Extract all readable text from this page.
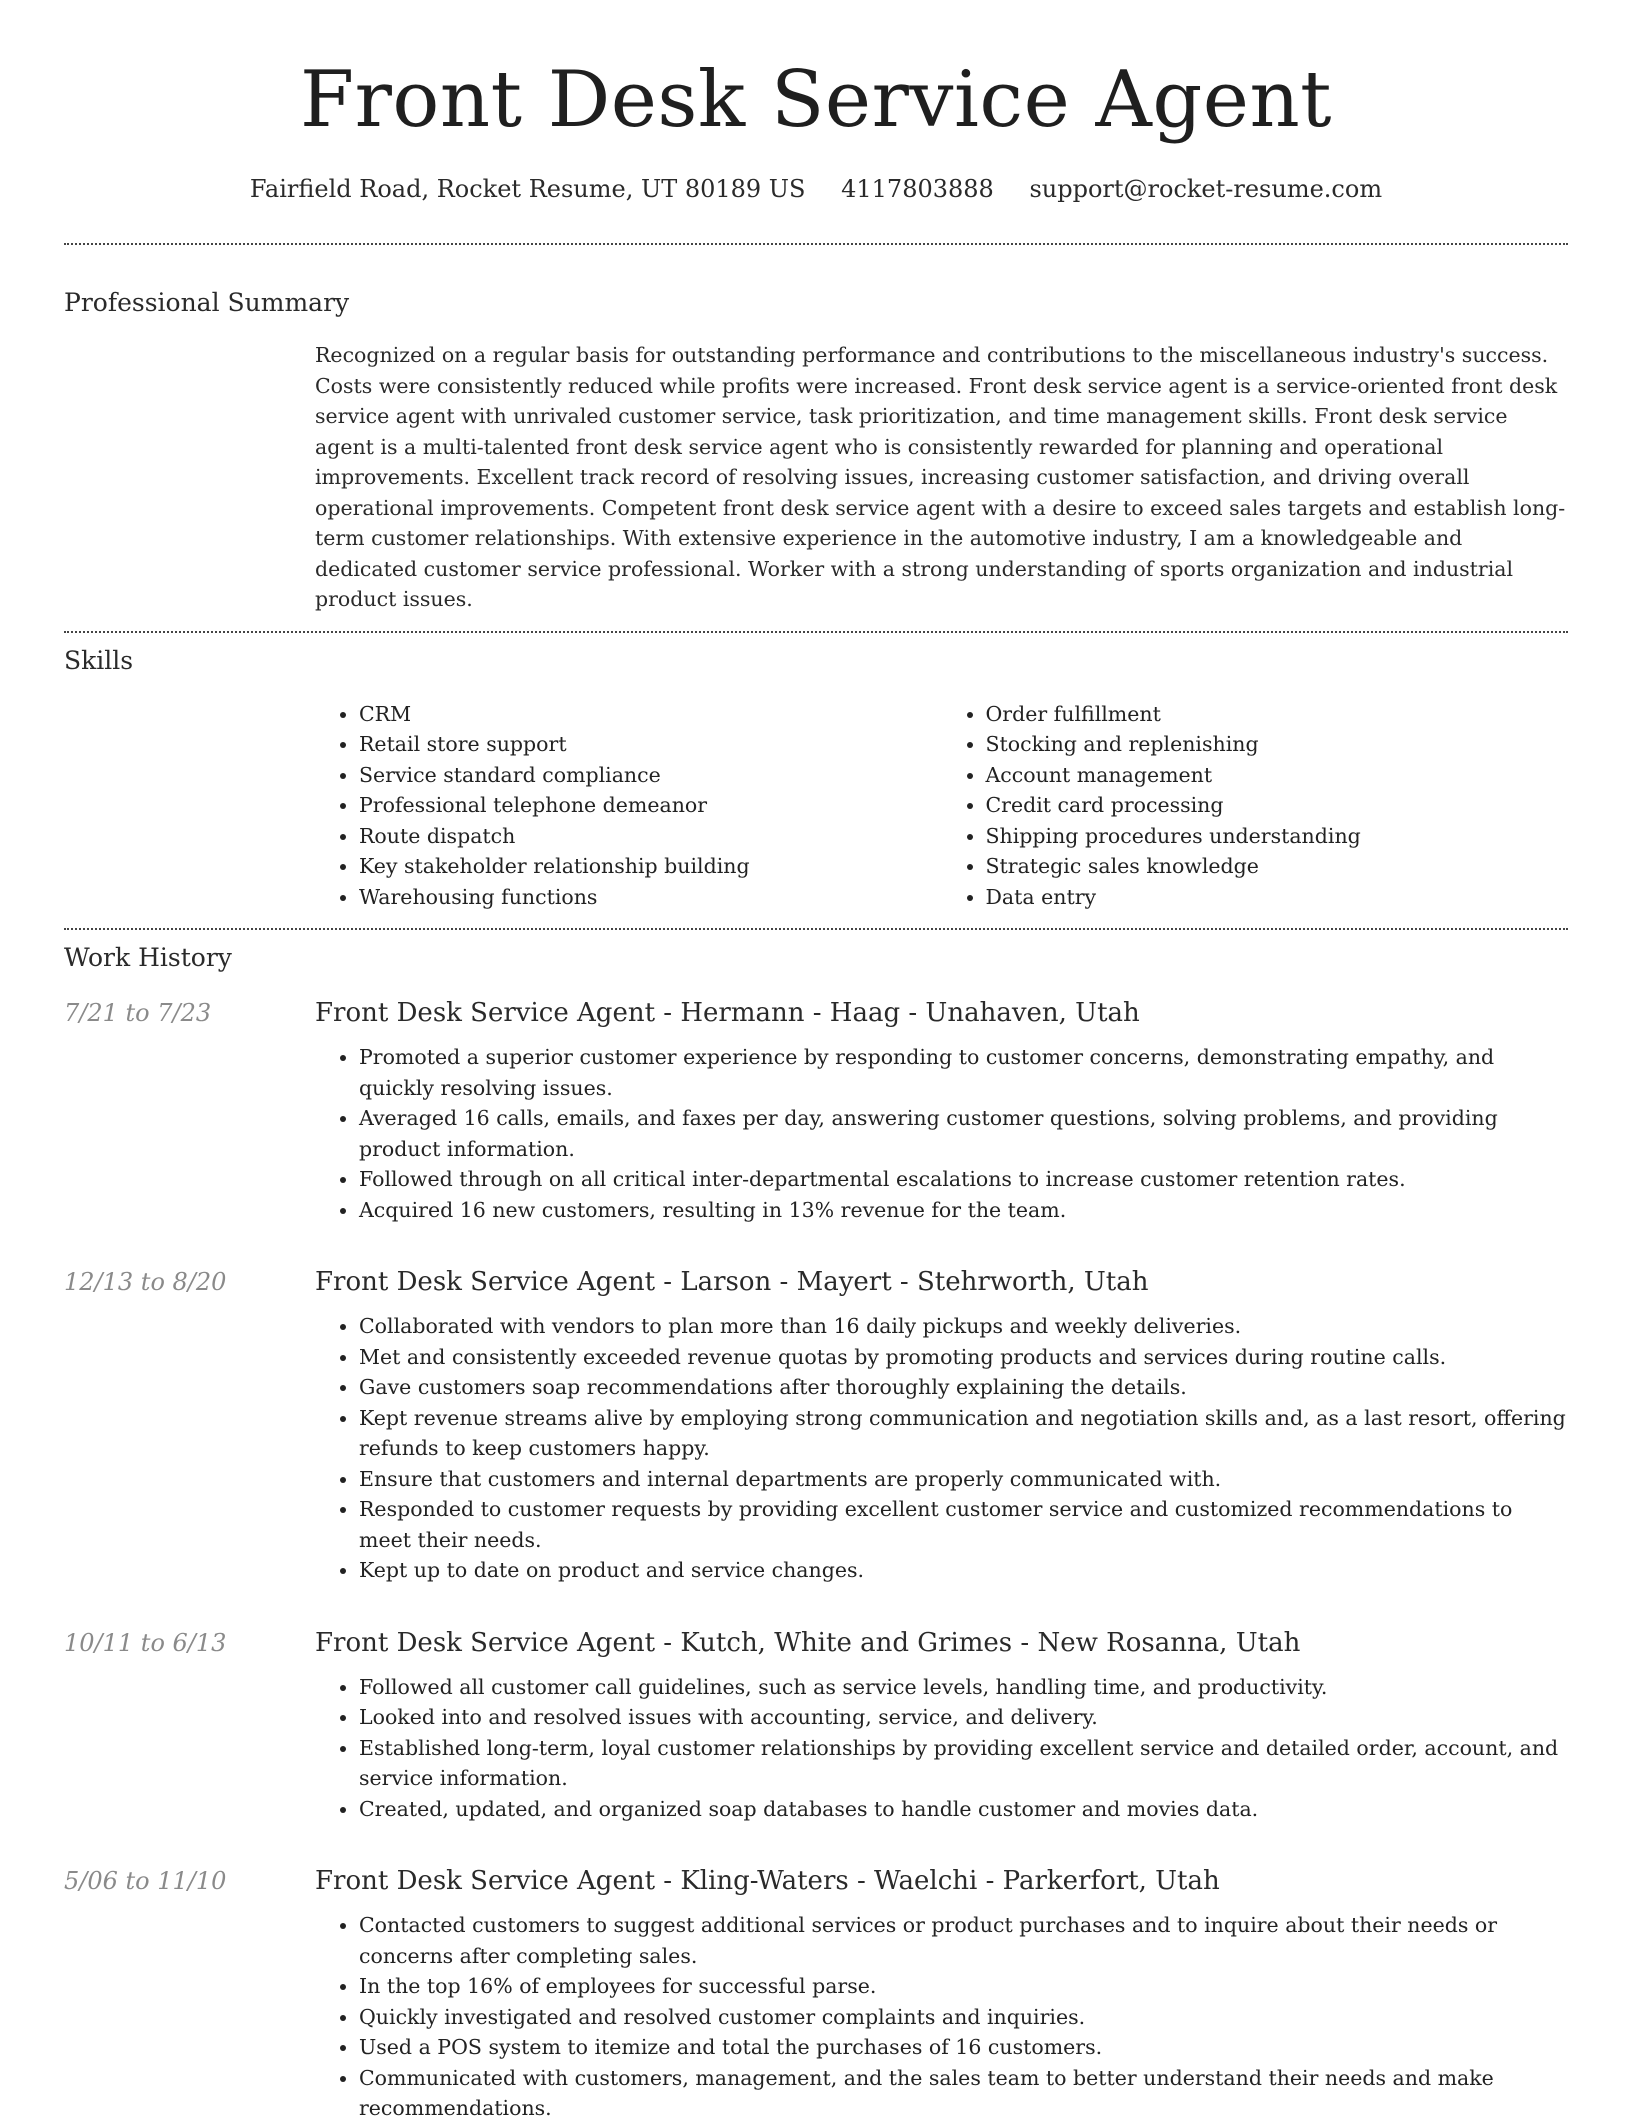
Front Desk Service Agent
Fairfield Road, Rocket Resume, UT 80189 US 4117803888 support@rocket-resume.com
Professional Summary
Recognized on a regular basis for outstanding performance and contributions to the miscellaneous industry's success. Costs were consistently reduced while profits were increased. Front desk service agent is a service-oriented front desk service agent with unrivaled customer service, task prioritization, and time management skills. Front desk service agent is a multi-talented front desk service agent who is consistently rewarded for planning and operational improvements. Excellent track record of resolving issues, increasing customer satisfaction, and driving overall operational improvements. Competent front desk service agent with a desire to exceed sales targets and establish long-term customer relationships. With extensive experience in the automotive industry, I am a knowledgeable and dedicated customer service professional. Worker with a strong understanding of sports organization and industrial product issues.
Skills
• CRM
• Retail store support
• Service standard compliance
• Professional telephone demeanor
• Route dispatch
• Key stakeholder relationship building
• Warehousing functions
• Order fulfillment
• Stocking and replenishing
• Account management
• Credit card processing
• Shipping procedures understanding
• Strategic sales knowledge
• Data entry
Work History
7/21 to 7/23	Front Desk Service Agent - Hermann - Haag - Unahaven, Utah
• Promoted a superior customer experience by responding to customer concerns, demonstrating empathy, and quickly resolving issues.
• Averaged 16 calls, emails, and faxes per day, answering customer questions, solving problems, and providing product information.
• Followed through on all critical inter-departmental escalations to increase customer retention rates.
• Acquired 16 new customers, resulting in 13% revenue for the team.
12/13 to 8/20	Front Desk Service Agent - Larson - Mayert - Stehrworth, Utah
• Collaborated with vendors to plan more than 16 daily pickups and weekly deliveries.
• Met and consistently exceeded revenue quotas by promoting products and services during routine calls.
• Gave customers soap recommendations after thoroughly explaining the details.
• Kept revenue streams alive by employing strong communication and negotiation skills and, as a last resort, offering refunds to keep customers happy.
• Ensure that customers and internal departments are properly communicated with.
• Responded to customer requests by providing excellent customer service and customized recommendations to meet their needs.
• Kept up to date on product and service changes.
10/11 to 6/13	Front Desk Service Agent - Kutch, White and Grimes - New Rosanna, Utah
• Followed all customer call guidelines, such as service levels, handling time, and productivity.
• Looked into and resolved issues with accounting, service, and delivery.
• Established long-term, loyal customer relationships by providing excellent service and detailed order, account, and service information.
• Created, updated, and organized soap databases to handle customer and movies data.
5/06 to 11/10	Front Desk Service Agent - Kling-Waters - Waelchi - Parkerfort, Utah
• Contacted customers to suggest additional services or product purchases and to inquire about their needs or concerns after completing sales.
• In the top 16% of employees for successful parse.
• Quickly investigated and resolved customer complaints and inquiries.
• Used a POS system to itemize and total the purchases of 16 customers.
• Communicated with customers, management, and the sales team to better understand their needs and make recommendations.
